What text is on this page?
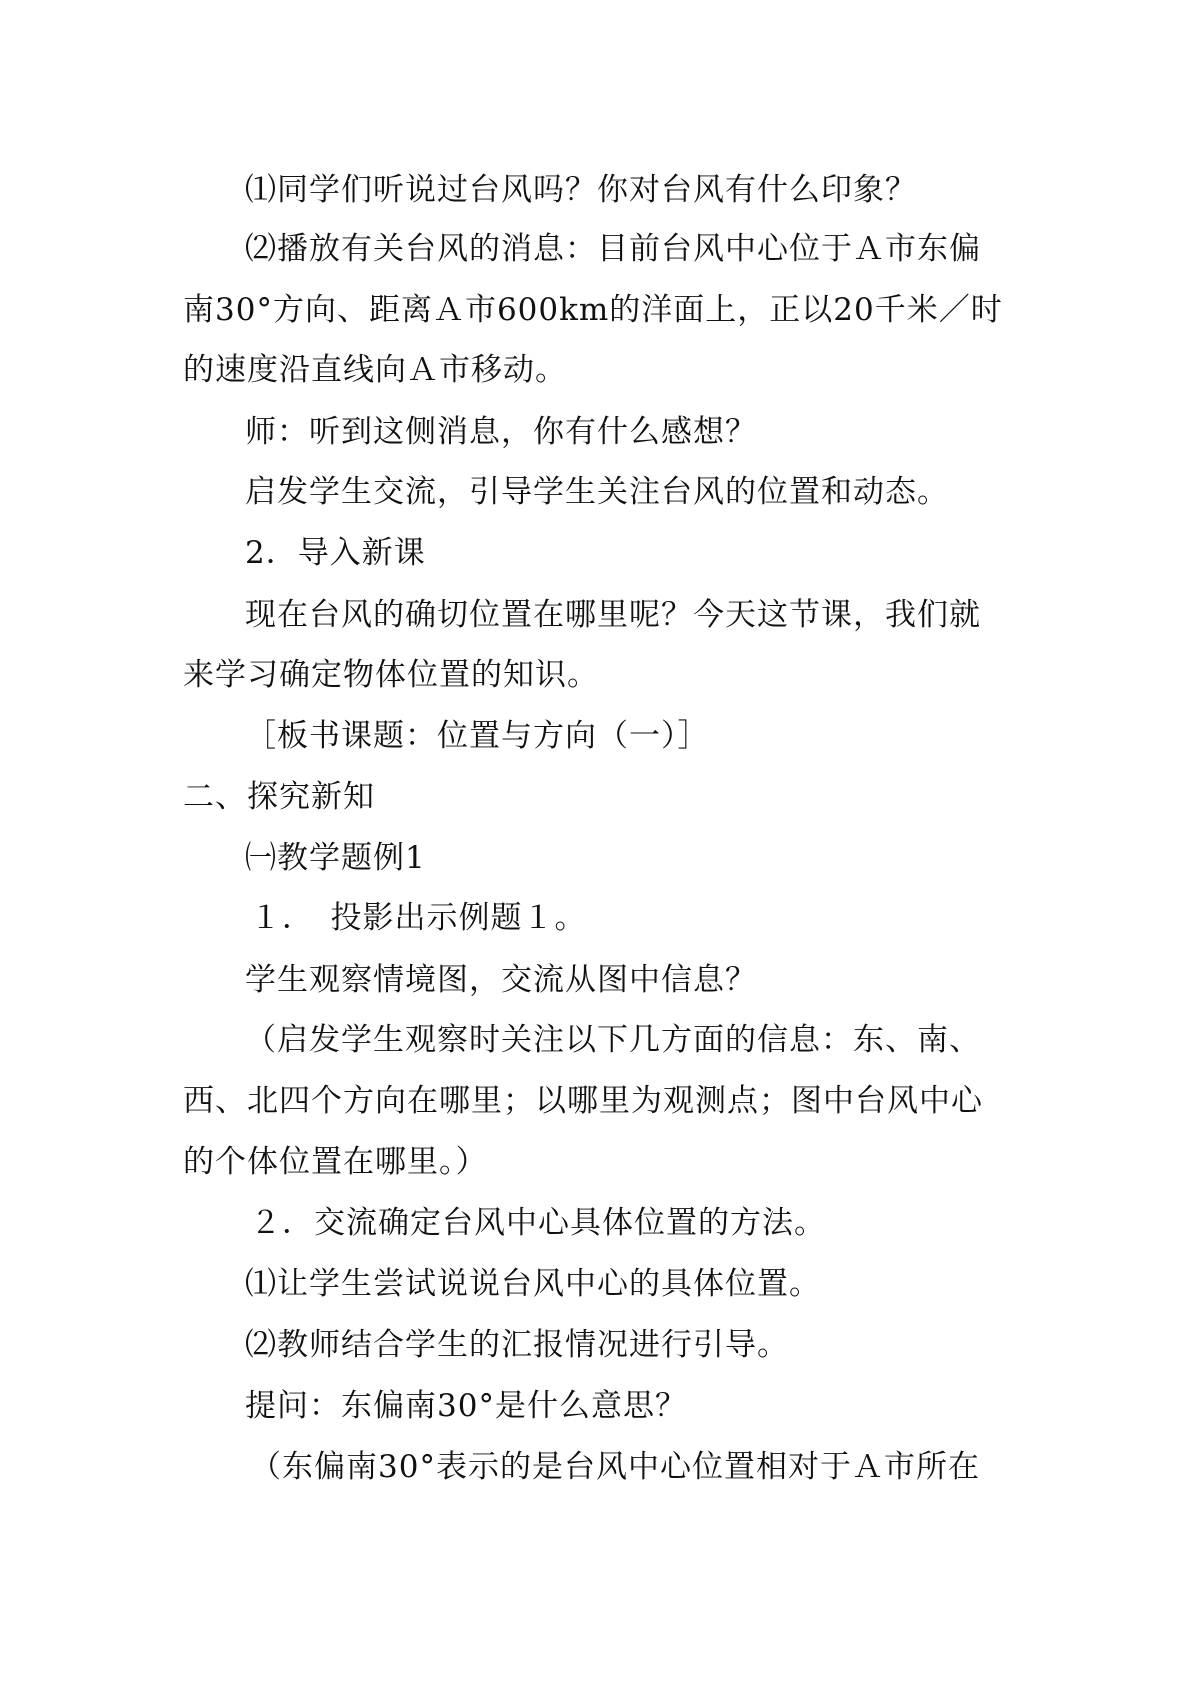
⑴同学们听说过台风吗？你对台风有什么印象？

⑵播放有关台风的消息：目前台风中心位于Ａ市东偏

南30°方向、距离Ａ市600km的洋面上，正以20千米／时

的速度沿直线向Ａ市移动。

师：听到这侧消息，你有什么感想？

启发学生交流，引导学生关注台风的位置和动态。

2．导入新课

现在台风的确切位置在哪里呢？今天这节课，我们就

来学习确定物体位置的知识。

［板书课题：位置与方向（一）］

二、探究新知

㈠教学题例1

１．　投影出示例题１。

学生观察情境图，交流从图中信息？

（启发学生观察时关注以下几方面的信息：东、南、

西、北四个方向在哪里；以哪里为观测点；图中台风中心

的个体位置在哪里。）

２．交流确定台风中心具体位置的方法。

⑴让学生尝试说说台风中心的具体位置。

⑵教师结合学生的汇报情况进行引导。

提问：东偏南30°是什么意思？

（东偏南30°表示的是台风中心位置相对于Ａ市所在
